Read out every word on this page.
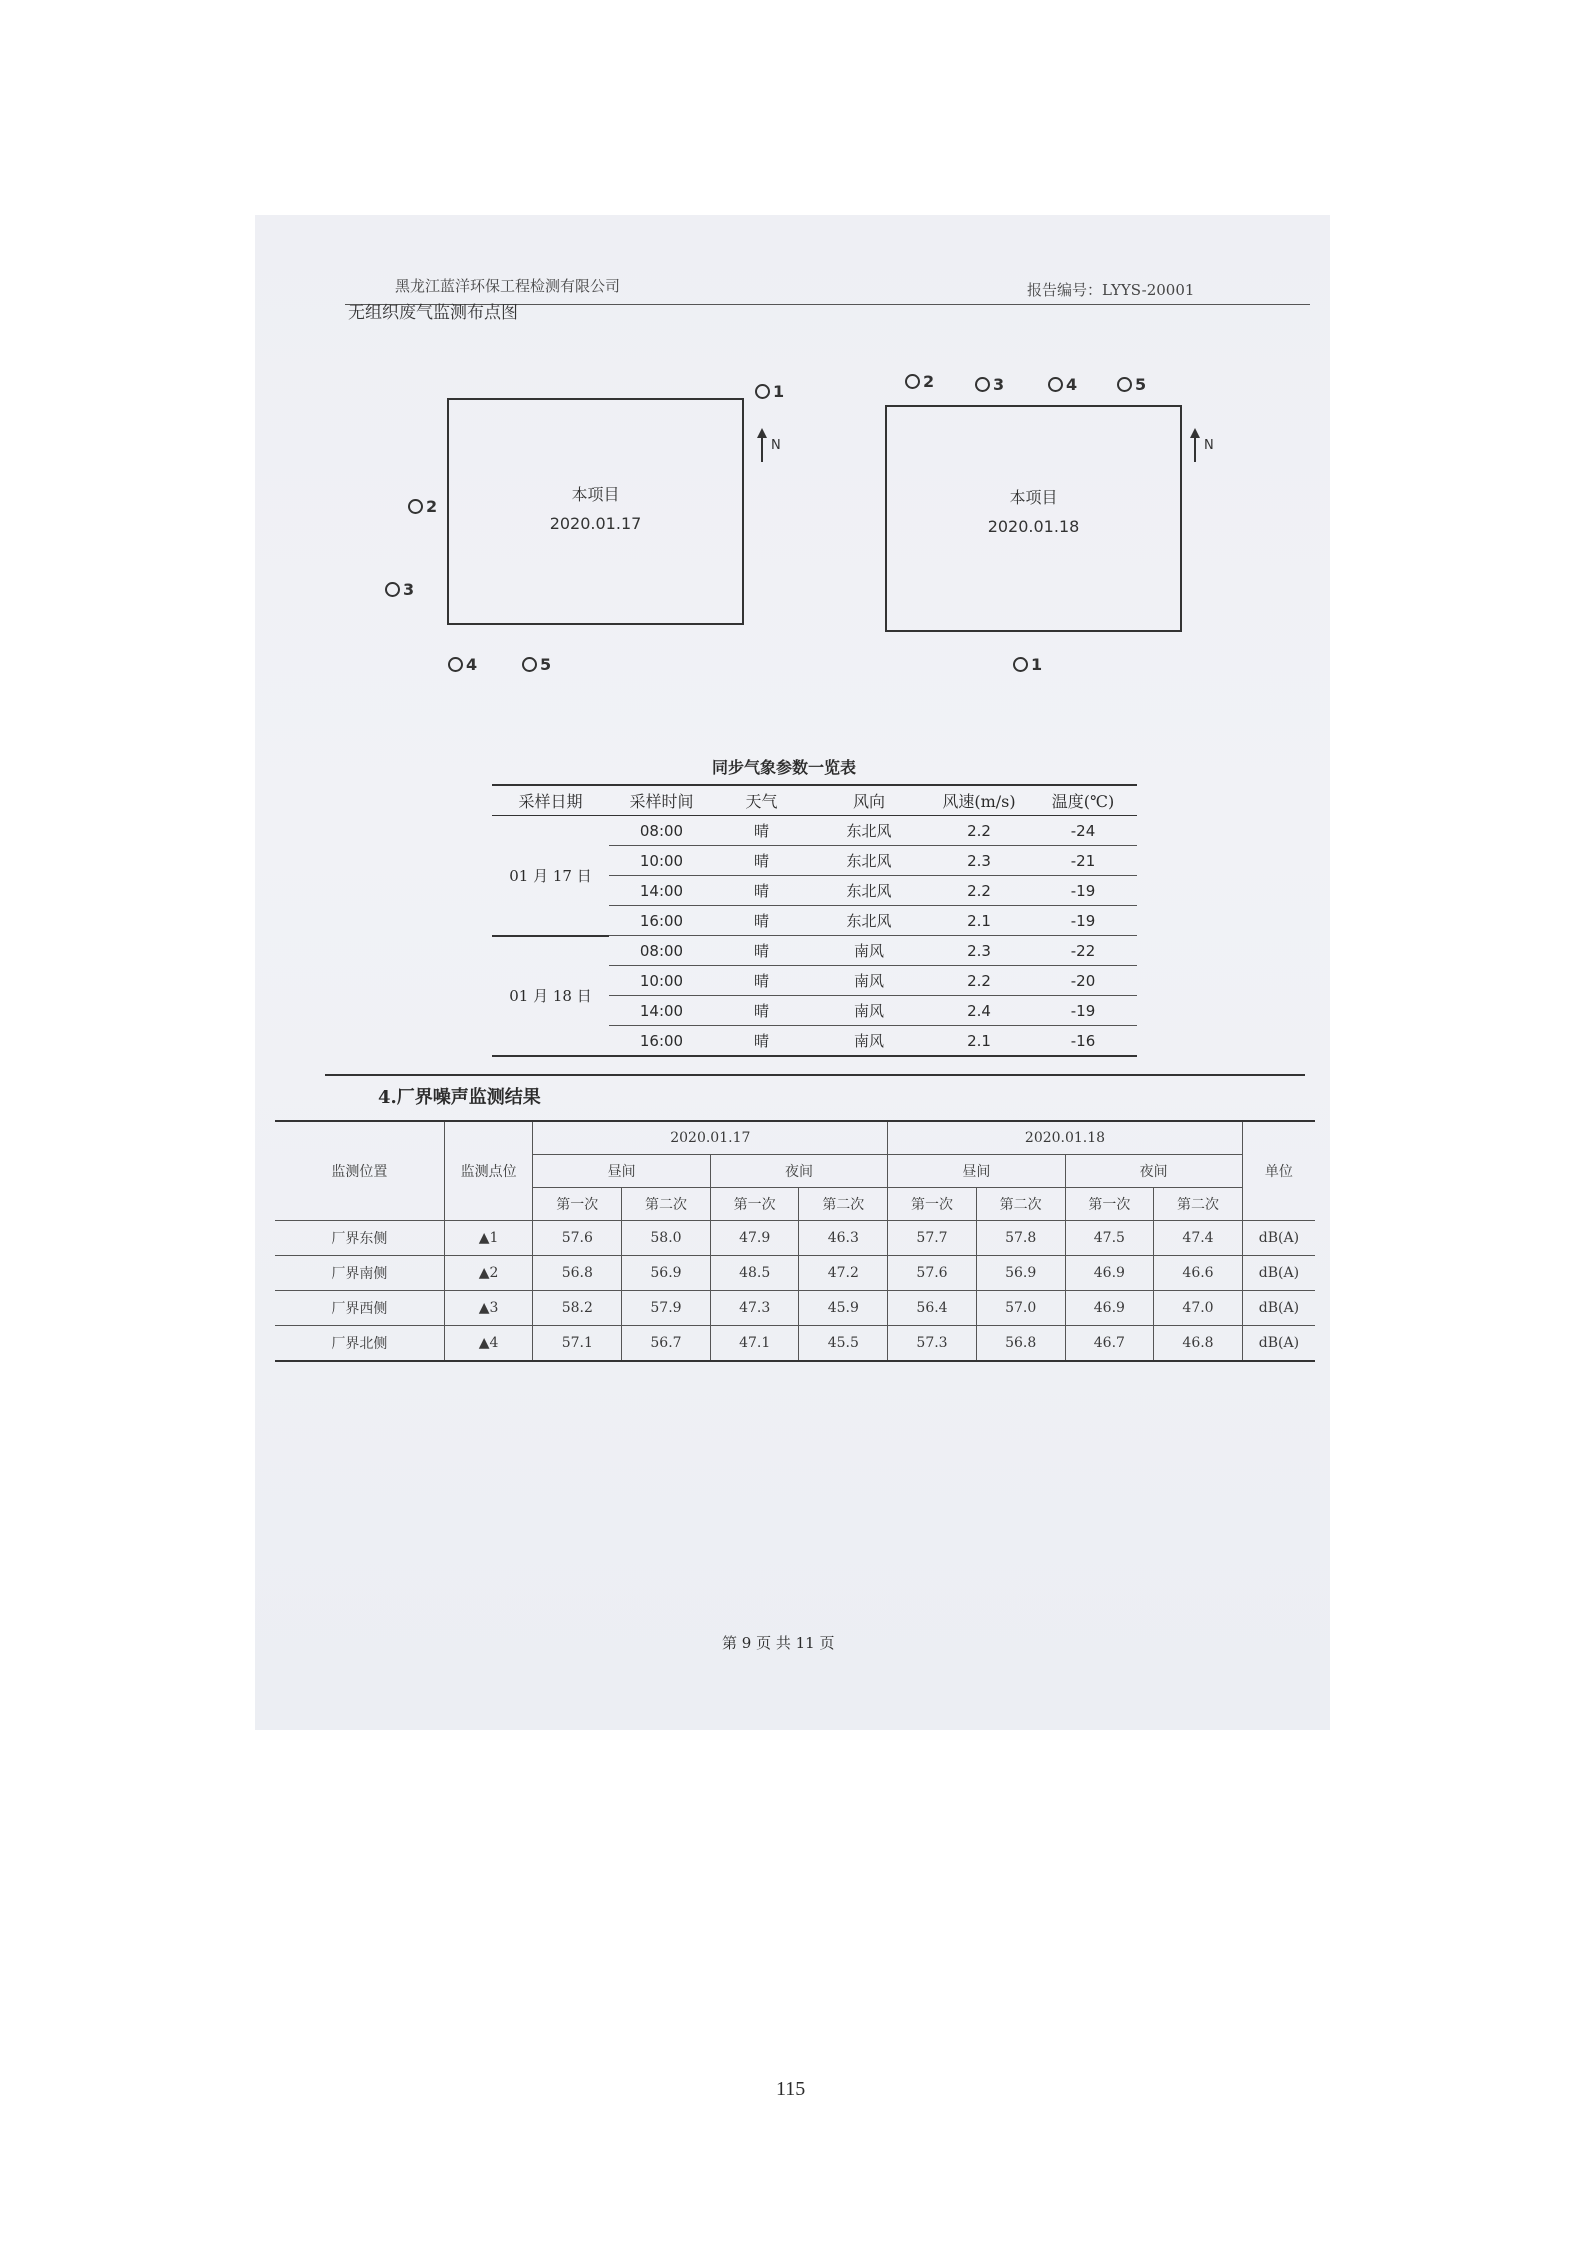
黑龙江蓝洋环保工程检测有限公司	报告编号：LYYS-20001
无组织废气监测布点图
本项目
2020.01.17
1
2
3
4	5
N
本项目
2020.01.18
2	3	4	5
1
N
同步气象参数一览表
采样日期	采样时间	天气	风向	风速(m/s)	温度(℃)
01 月 17 日	08:00	晴	东北风	2.2	-24
	10:00	晴	东北风	2.3	-21
	14:00	晴	东北风	2.2	-19
	16:00	晴	东北风	2.1	-19
01 月 18 日	08:00	晴	南风	2.3	-22
	10:00	晴	南风	2.2	-20
	14:00	晴	南风	2.4	-19
	16:00	晴	南风	2.1	-16
4.厂界噪声监测结果
监测位置	监测点位	2020.01.17				2020.01.18				单位
		昼间		夜间		昼间		夜间		
		第一次	第二次	第一次	第二次	第一次	第二次	第一次	第二次	
厂界东侧	▲1	57.6	58.0	47.9	46.3	57.7	57.8	47.5	47.4	dB(A)
厂界南侧	▲2	56.8	56.9	48.5	47.2	57.6	56.9	46.9	46.6	dB(A)
厂界西侧	▲3	58.2	57.9	47.3	45.9	56.4	57.0	46.9	47.0	dB(A)
厂界北侧	▲4	57.1	56.7	47.1	45.5	57.3	56.8	46.7	46.8	dB(A)
第 9 页 共 11 页
115
